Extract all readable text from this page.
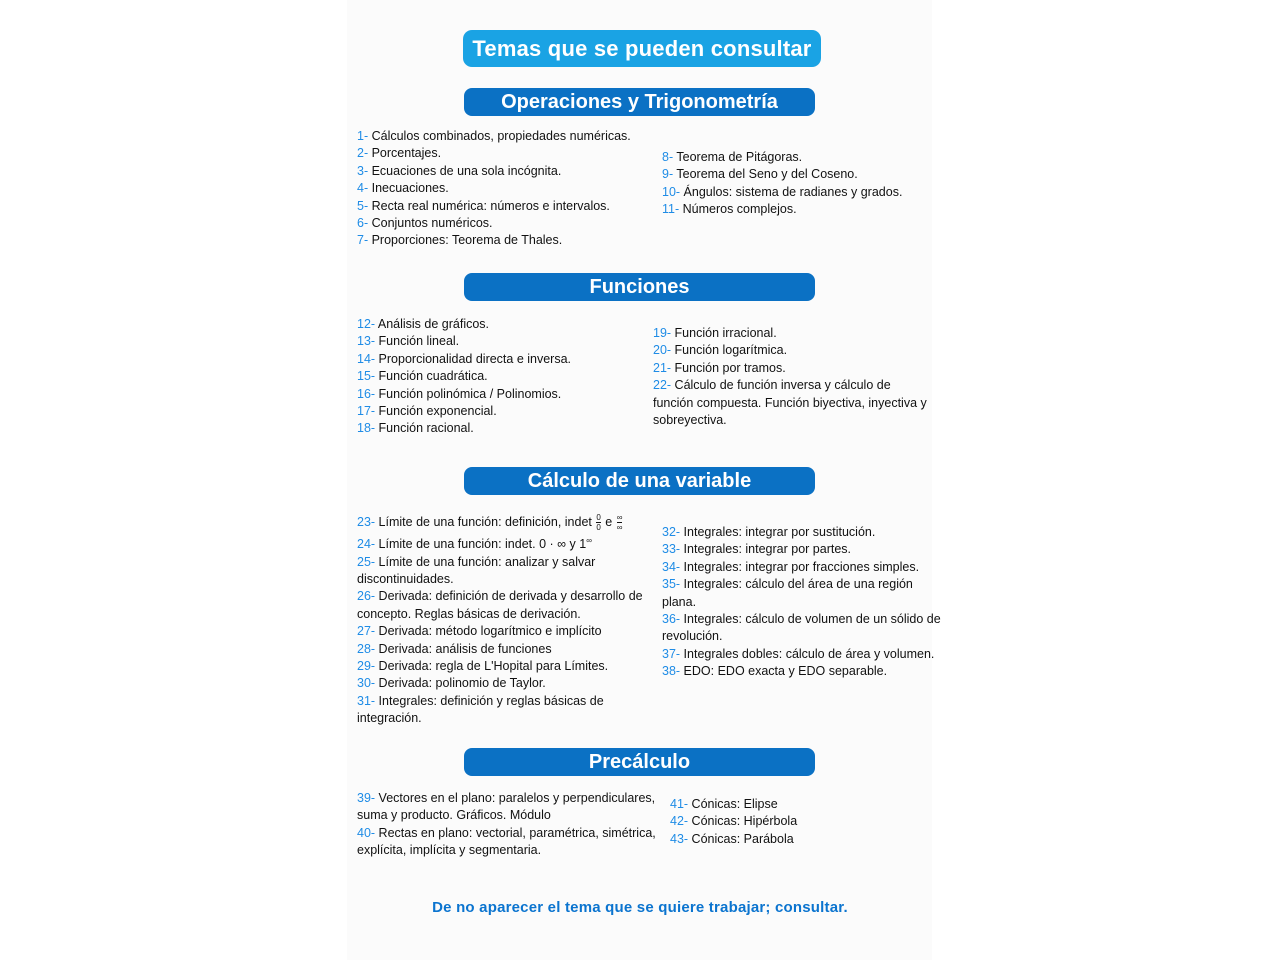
Temas que se pueden consultar
Operaciones y Trigonometría

1- Cálculos combinados, propiedades numéricas.

2- Porcentajes.

3- Ecuaciones de una sola incógnita.

4- Inecuaciones.

5- Recta real numérica: números e intervalos.

6- Conjuntos numéricos.

7- Proporciones: Teorema de Thales.

8- Teorema de Pitágoras.

9- Teorema del Seno y del Coseno.

10- Ángulos: sistema de radianes y grados.

11- Números complejos.

Funciones

12- Análisis de gráficos.

13- Función lineal.

14- Proporcionalidad directa e inversa.

15- Función cuadrática.

16- Función polinómica / Polinomios.

17- Función exponencial.

18- Función racional.

19- Función irracional.

20- Función logarítmica.

21- Función por tramos.

22- Cálculo de función inversa y cálculo de función compuesta. Función biyectiva, inyectiva y sobreyectiva.

Cálculo de una variable

23- Límite de una función: definición, indet $\frac{0}{0}$ e $\frac{\infty}{\infty}$

24- Límite de una función: indet. 0 · ∞ y 1∞

25- Límite de una función: analizar y salvar discontinuidades.

26- Derivada: definición de derivada y desarrollo de concepto. Reglas básicas de derivación.

27- Derivada: método logarítmico e implícito

28- Derivada: análisis de funciones

29- Derivada: regla de L'Hopital para Límites.

30- Derivada: polinomio de Taylor.

31- Integrales: definición y reglas básicas de integración.

32- Integrales: integrar por sustitución.

33- Integrales: integrar por partes.

34- Integrales: integrar por fracciones simples.

35- Integrales: cálculo del área de una región plana.

36- Integrales: cálculo de volumen de un sólido de revolución.

37- Integrales dobles: cálculo de área y volumen.

38- EDO: EDO exacta y EDO separable.

Precálculo

39- Vectores en el plano: paralelos y perpendiculares, suma y producto. Gráficos. Módulo

40- Rectas en plano: vectorial, paramétrica, simétrica, explícita, implícita y segmentaria.

41- Cónicas: Elipse

42- Cónicas: Hipérbola

43- Cónicas: Parábola

De no aparecer el tema que se quiere trabajar; consultar.
